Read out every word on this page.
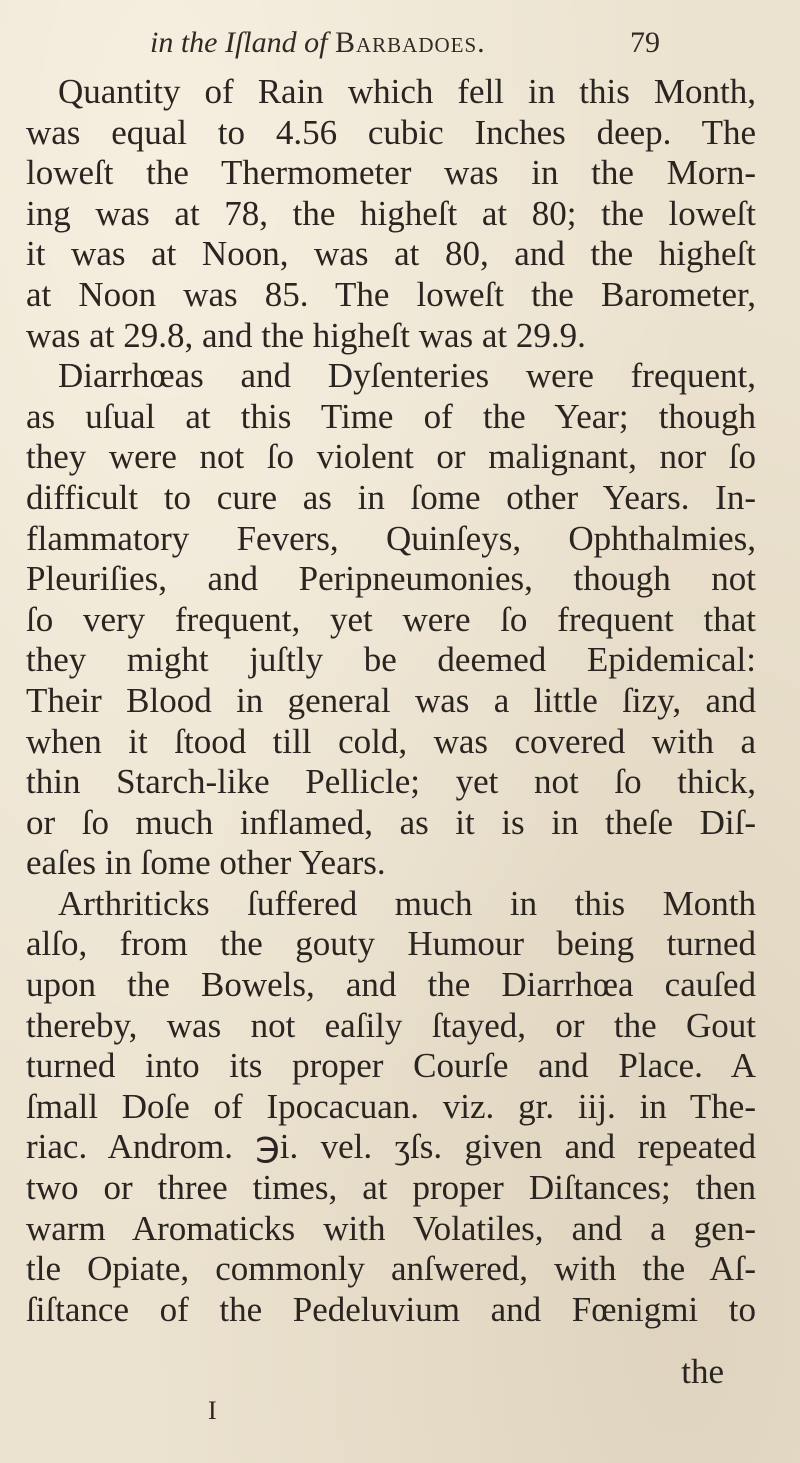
in the Iſland of Barbadoes.	79
Quantity of Rain which fell in this Month,
was equal to 4.56 cubic Inches deep. The
loweſt the Thermometer was in the Morn-
ing was at 78, the higheſt at 80; the loweſt
it was at Noon, was at 80, and the higheſt
at Noon was 85. The loweſt the Barometer,
was at 29.8, and the higheſt was at 29.9.
Diarrhœas and Dyſenteries were frequent,
as uſual at this Time of the Year; though
they were not ſo violent or malignant, nor ſo
difficult to cure as in ſome other Years. In-
flammatory Fevers, Quinſeys, Ophthalmies,
Pleuriſies, and Peripneumonies, though not
ſo very frequent, yet were ſo frequent that
they might juſtly be deemed Epidemical:
Their Blood in general was a little ſizy, and
when it ſtood till cold, was covered with a
thin Starch-like Pellicle; yet not ſo thick,
or ſo much inflamed, as it is in theſe Diſ-
eaſes in ſome other Years.
Arthriticks ſuffered much in this Month
alſo, from the gouty Humour being turned
upon the Bowels, and the Diarrhœa cauſed
thereby, was not eaſily ſtayed, or the Gout
turned into its proper Courſe and Place. A
ſmall Doſe of Ipocacuan. viz. gr. iij. in The-
riac. Androm. ℈i. vel. ʒſs. given and repeated
two or three times, at proper Diſtances; then
warm Aromaticks with Volatiles, and a gen-
tle Opiate, commonly anſwered, with the Aſ-
ſiſtance of the Pedeluvium and Fœnigmi to
the
I
